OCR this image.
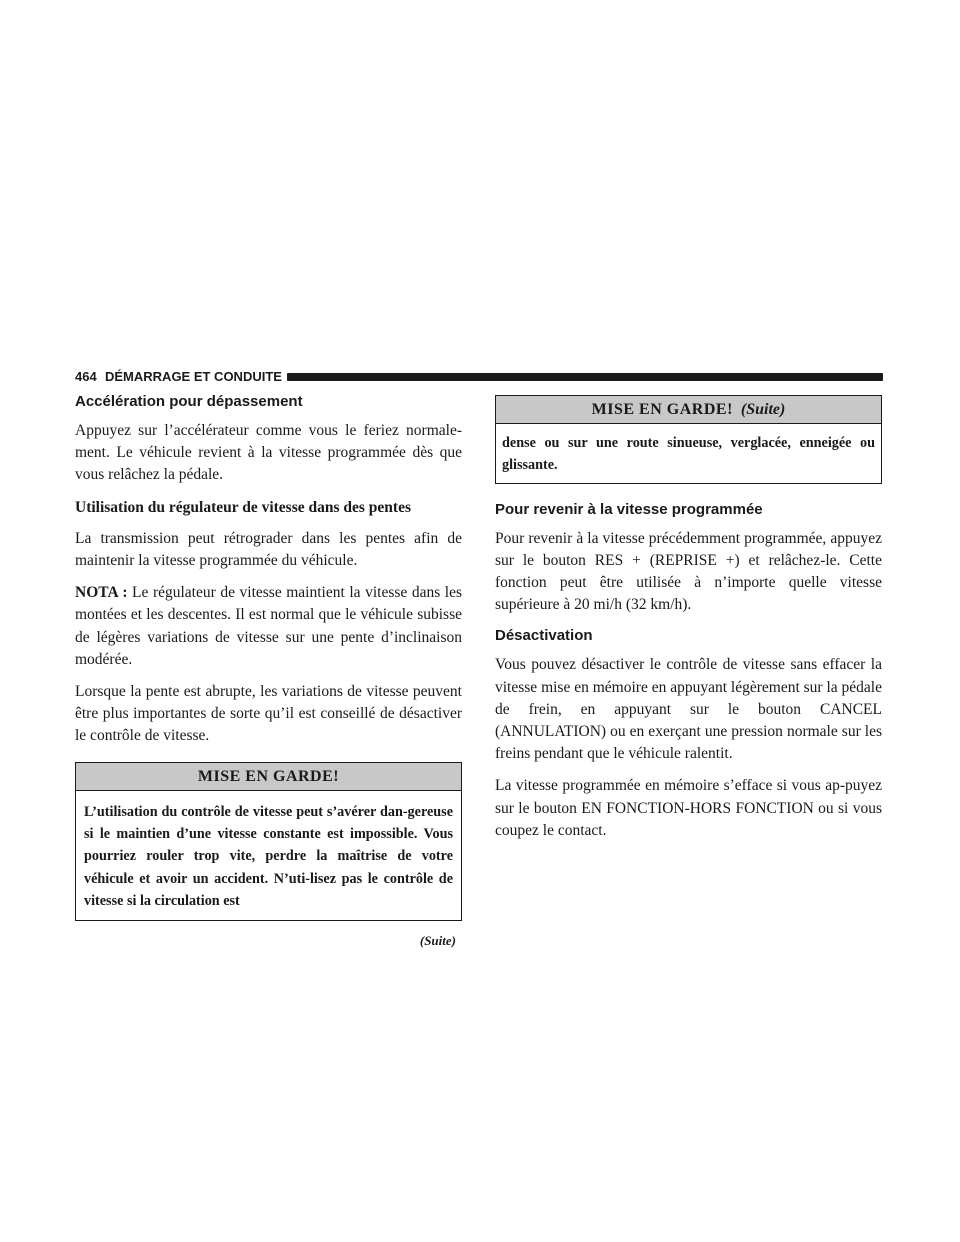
464 DÉMARRAGE ET CONDUITE
Accélération pour dépassement

Appuyez sur l’accélérateur comme vous le feriez normale-ment. Le véhicule revient à la vitesse programmée dès que vous relâchez la pédale.

Utilisation du régulateur de vitesse dans des pentes

La transmission peut rétrograder dans les pentes afin de maintenir la vitesse programmée du véhicule.

NOTA : Le régulateur de vitesse maintient la vitesse dans les montées et les descentes. Il est normal que le véhicule subisse de légères variations de vitesse sur une pente d’inclinaison modérée.

Lorsque la pente est abrupte, les variations de vitesse peuvent être plus importantes de sorte qu’il est conseillé de désactiver le contrôle de vitesse.

MISE EN GARDE!
L’utilisation du contrôle de vitesse peut s’avérer dan-gereuse si le maintien d’une vitesse constante est impossible. Vous pourriez rouler trop vite, perdre la maîtrise de votre véhicule et avoir un accident. N’uti-lisez pas le contrôle de vitesse si la circulation est
(Suite)
MISE EN GARDE! (Suite)
dense ou sur une route sinueuse, verglacée, enneigée ou glissante.
Pour revenir à la vitesse programmée

Pour revenir à la vitesse précédemment programmée, appuyez sur le bouton RES + (REPRISE +) et relâchez-le. Cette fonction peut être utilisée à n’importe quelle vitesse supérieure à 20 mi/h (32 km/h).

Désactivation

Vous pouvez désactiver le contrôle de vitesse sans effacer la vitesse mise en mémoire en appuyant légèrement sur la pédale de frein, en appuyant sur le bouton CANCEL (ANNULATION) ou en exerçant une pression normale sur les freins pendant que le véhicule ralentit.

La vitesse programmée en mémoire s’efface si vous ap-puyez sur le bouton EN FONCTION-HORS FONCTION ou si vous coupez le contact.
